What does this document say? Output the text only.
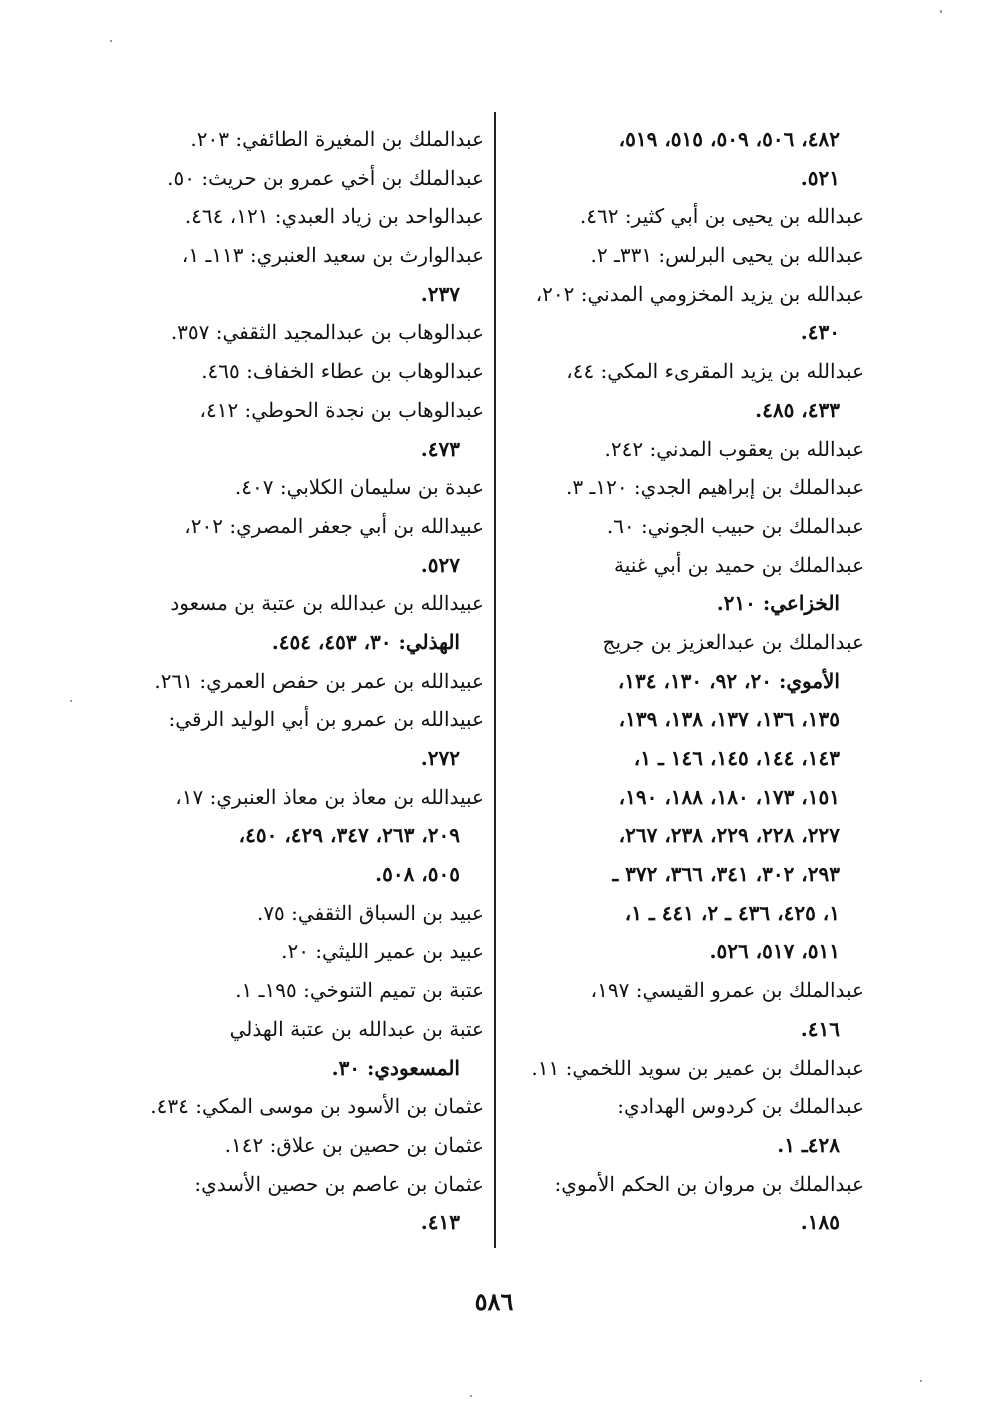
٤٨٢، ٥٠٦، ٥٠٩، ٥١٥، ٥١٩،
٥٢١.
عبدالله بن يحيى بن أبي كثير: ٤٦٢.
عبدالله بن يحيى البرلس: ٣٣١ـ ٢.
عبدالله بن يزيد المخزومي المدني: ٢٠٢،
٤٣٠.
عبدالله بن يزيد المقرىء المكي: ٤٤،
٤٣٣، ٤٨٥.
عبدالله بن يعقوب المدني: ٢٤٢.
عبدالملك بن إبراهيم الجدي: ١٢٠ـ ٣.
عبدالملك بن حبيب الجوني: ٦٠.
عبدالملك بن حميد بن أبي غنية
الخزاعي: ٢١٠.
عبدالملك بن عبدالعزيز بن جريج
الأموي: ٢٠، ٩٢، ١٣٠، ١٣٤،
١٣٥، ١٣٦، ١٣٧، ١٣٨، ١٣٩،
١٤٣، ١٤٤، ١٤٥، ١٤٦ ـ ١،
١٥١، ١٧٣، ١٨٠، ١٨٨، ١٩٠،
٢٢٧، ٢٢٨، ٢٢٩، ٢٣٨، ٢٦٧،
٢٩٣، ٣٠٢، ٣٤١، ٣٦٦، ٣٧٢ ـ
١، ٤٢٥، ٤٣٦ ـ ٢، ٤٤١ ـ ١،
٥١١، ٥١٧، ٥٢٦.
عبدالملك بن عمرو القيسي: ١٩٧،
٤١٦.
عبدالملك بن عمير بن سويد اللخمي: ١١.
عبدالملك بن كردوس الهدادي:
٤٢٨ـ ١.
عبدالملك بن مروان بن الحكم الأموي:
١٨٥.
عبدالملك بن المغيرة الطائفي: ٢٠٣.
عبدالملك بن أخي عمرو بن حريث: ٥٠.
عبدالواحد بن زياد العبدي: ١٢١، ٤٦٤.
عبدالوارث بن سعيد العنبري: ١١٣ـ ١،
٢٣٧.
عبدالوهاب بن عبدالمجيد الثقفي: ٣٥٧.
عبدالوهاب بن عطاء الخفاف: ٤٦٥.
عبدالوهاب بن نجدة الحوطي: ٤١٢،
٤٧٣.
عبدة بن سليمان الكلابي: ٤٠٧.
عبيدالله بن أبي جعفر المصري: ٢٠٢،
٥٢٧.
عبيدالله بن عبدالله بن عتبة بن مسعود
الهذلي: ٣٠، ٤٥٣، ٤٥٤.
عبيدالله بن عمر بن حفص العمري: ٢٦١.
عبيدالله بن عمرو بن أبي الوليد الرقي:
٢٧٢.
عبيدالله بن معاذ بن معاذ العنبري: ١٧،
٢٠٩، ٢٦٣، ٣٤٧، ٤٢٩، ٤٥٠،
٥٠٥، ٥٠٨.
عبيد بن السباق الثقفي: ٧٥.
عبيد بن عمير الليثي: ٢٠.
عتبة بن تميم التنوخي: ١٩٥ـ ١.
عتبة بن عبدالله بن عتبة الهذلي
المسعودي: ٣٠.
عثمان بن الأسود بن موسى المكي: ٤٣٤.
عثمان بن حصين بن علاق: ١٤٢.
عثمان بن عاصم بن حصين الأسدي:
٤١٣.
٥٨٦
